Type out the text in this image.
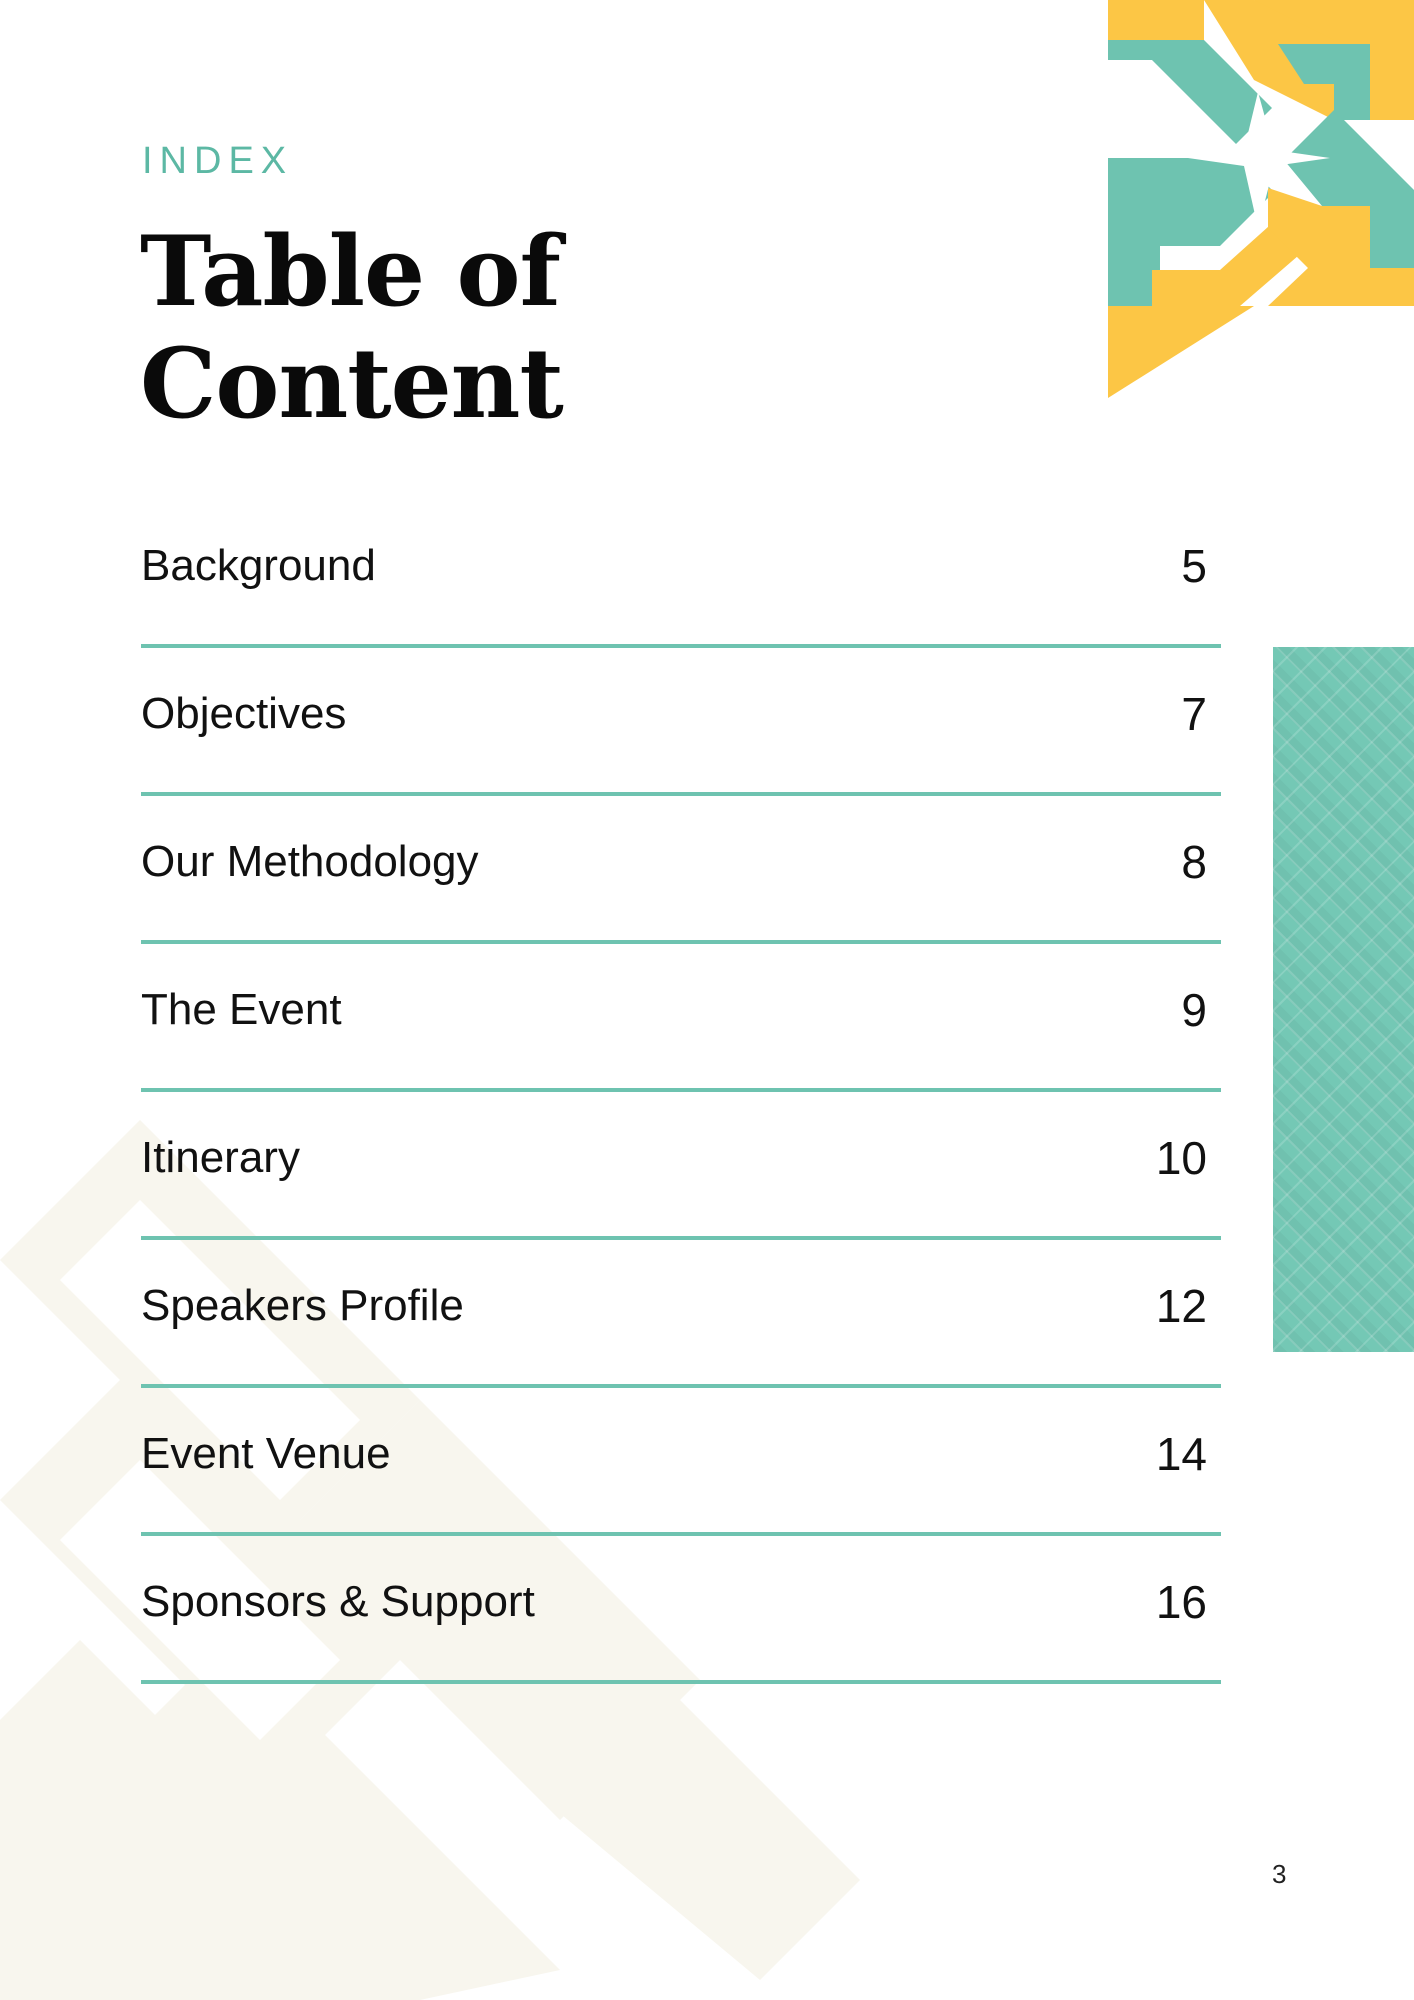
INDEX
Table of Content
Background	5
Objectives	7
Our Methodology	8
The Event	9
Itinerary	10
Speakers Profile	12
Event Venue	14
Sponsors & Support	16
3
